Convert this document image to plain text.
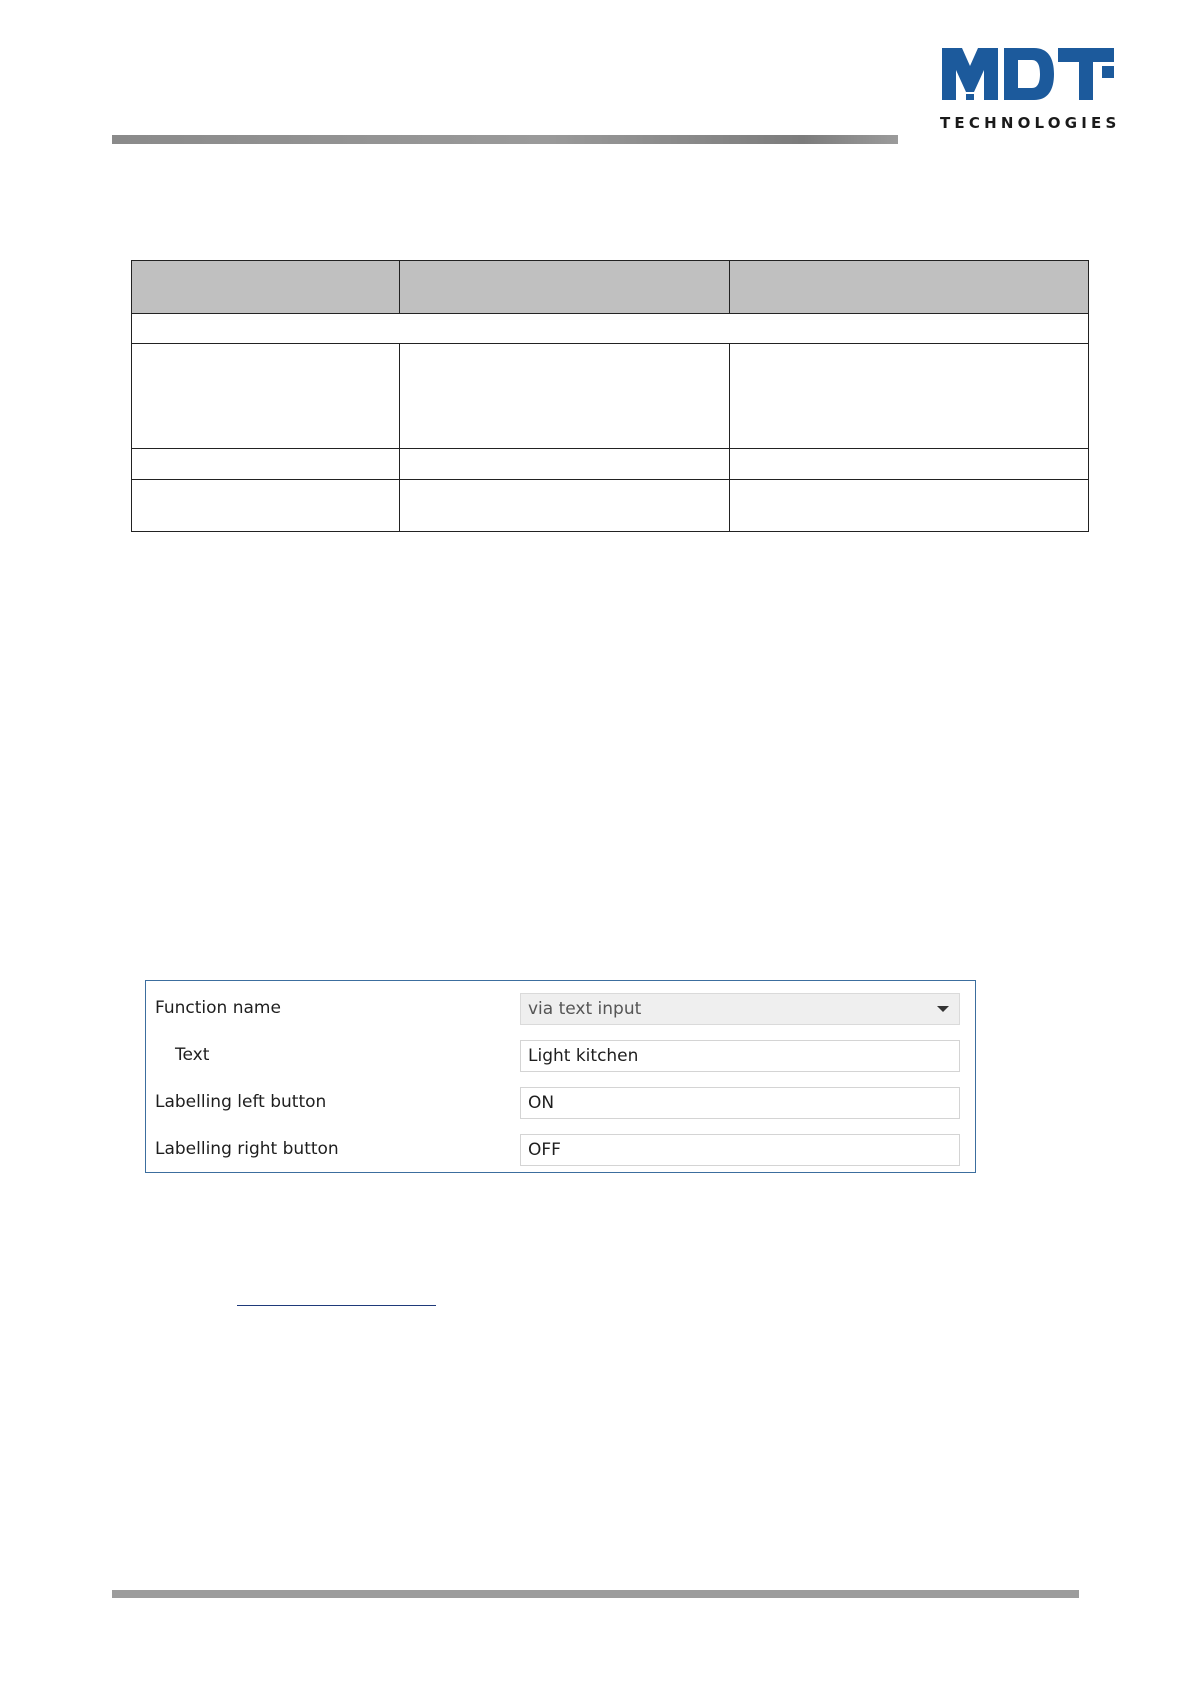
TECHNOLOGIES

Function name	via text input
Text	Light kitchen
Labelling left button	ON
Labelling right button	OFF
